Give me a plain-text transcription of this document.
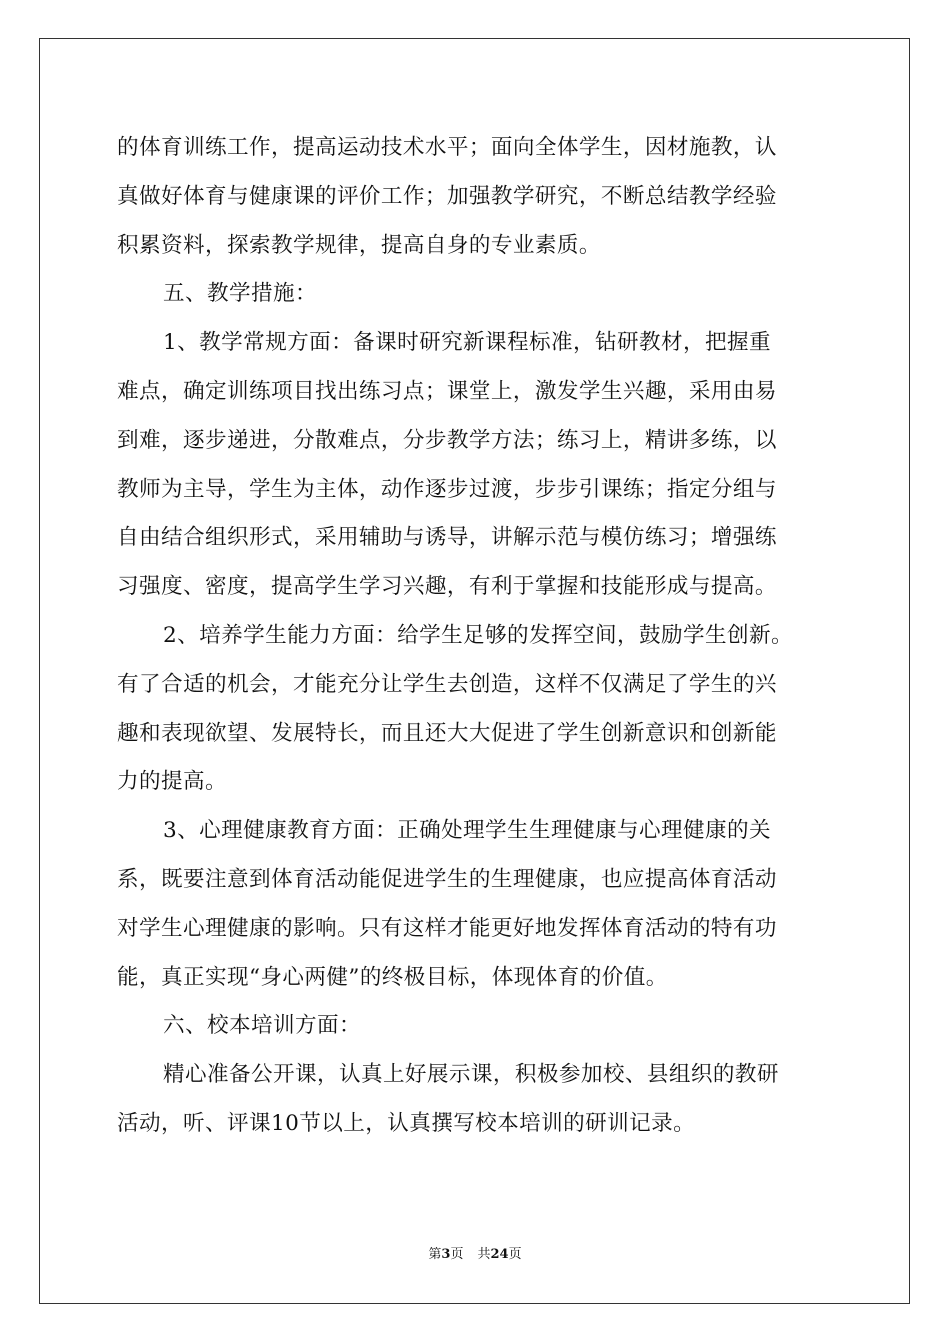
的体育训练工作，提高运动技术水平；面向全体学生，因材施教，认
真做好体育与健康课的评价工作；加强教学研究，不断总结教学经验
积累资料，探索教学规律，提高自身的专业素质。
五、教学措施：
1、教学常规方面：备课时研究新课程标准，钻研教材，把握重
难点，确定训练项目找出练习点；课堂上，激发学生兴趣，采用由易
到难，逐步递进，分散难点，分步教学方法；练习上，精讲多练，以
教师为主导，学生为主体，动作逐步过渡，步步引课练；指定分组与
自由结合组织形式，采用辅助与诱导，讲解示范与模仿练习；增强练
习强度、密度，提高学生学习兴趣，有利于掌握和技能形成与提高。
2、培养学生能力方面：给学生足够的发挥空间，鼓励学生创新。
有了合适的机会，才能充分让学生去创造，这样不仅满足了学生的兴
趣和表现欲望、发展特长，而且还大大促进了学生创新意识和创新能
力的提高。
3、心理健康教育方面：正确处理学生生理健康与心理健康的关
系，既要注意到体育活动能促进学生的生理健康，也应提高体育活动
对学生心理健康的影响。只有这样才能更好地发挥体育活动的特有功
能，真正实现“身心两健”的终极目标，体现体育的价值。
六、校本培训方面：
精心准备公开课，认真上好展示课，积极参加校、县组织的教研
活动，听、评课10节以上，认真撰写校本培训的研训记录。
第3页 共24页
